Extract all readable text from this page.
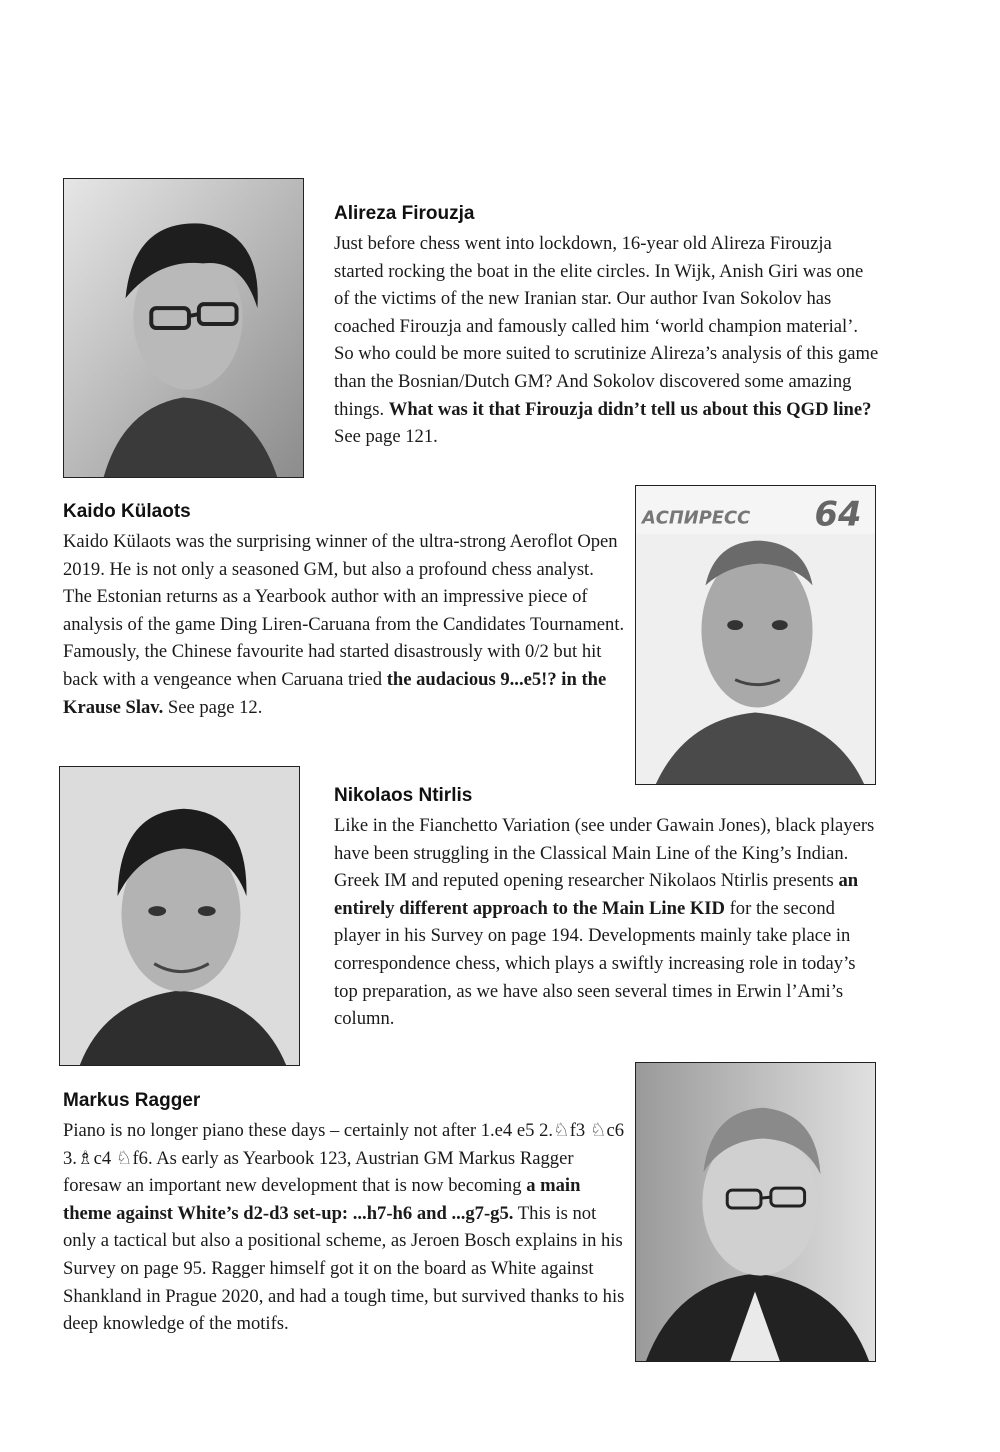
Alireza Firouzja

Just before chess went into lockdown, 16-year old Alireza Firouzja started rocking the boat in the elite circles. In Wijk, Anish Giri was one of the victims of the new Iranian star. Our author Ivan Sokolov has coached Firouzja and famously called him ‘world champion material’. So who could be more suited to scrutinize Alireza’s analysis of this game than the Bosnian/Dutch GM? And Sokolov discovered some amazing things. What was it that Firouzja didn’t tell us about this QGD line? See page 121.

Kaido Külaots

Kaido Külaots was the surprising winner of the ultra-strong Aeroflot Open 2019. He is not only a seasoned GM, but also a profound chess analyst. The Estonian returns as a Yearbook author with an impressive piece of analysis of the game Ding Liren-Caruana from the Candidates Tournament. Famously, the Chinese favourite had started disastrously with 0/2 but hit back with a vengeance when Caruana tried the audacious 9...e5!? in the Krause Slav. See page 12.

АСПИРЕСС 64
Nikolaos Ntirlis

Like in the Fianchetto Variation (see under Gawain Jones), black players have been struggling in the Classical Main Line of the King’s Indian. Greek IM and reputed opening researcher Nikolaos Ntirlis presents an entirely different approach to the Main Line KID for the second player in his Survey on page 194. Developments mainly take place in correspondence chess, which plays a swiftly increasing role in today’s top preparation, as we have also seen several times in Erwin l’Ami’s column.

Markus Ragger

Piano is no longer piano these days – certainly not after 1.e4 e5 2.♘f3 ♘c6 3.♗c4 ♘f6. As early as Yearbook 123, Austrian GM Markus Ragger foresaw an important new development that is now becoming a main theme against White’s d2-d3 set-up: ...h7-h6 and ...g7-g5. This is not only a tactical but also a positional scheme, as Jeroen Bosch explains in his Survey on page 95. Ragger himself got it on the board as White against Shankland in Prague 2020, and had a tough time, but survived thanks to his deep knowledge of the motifs.
